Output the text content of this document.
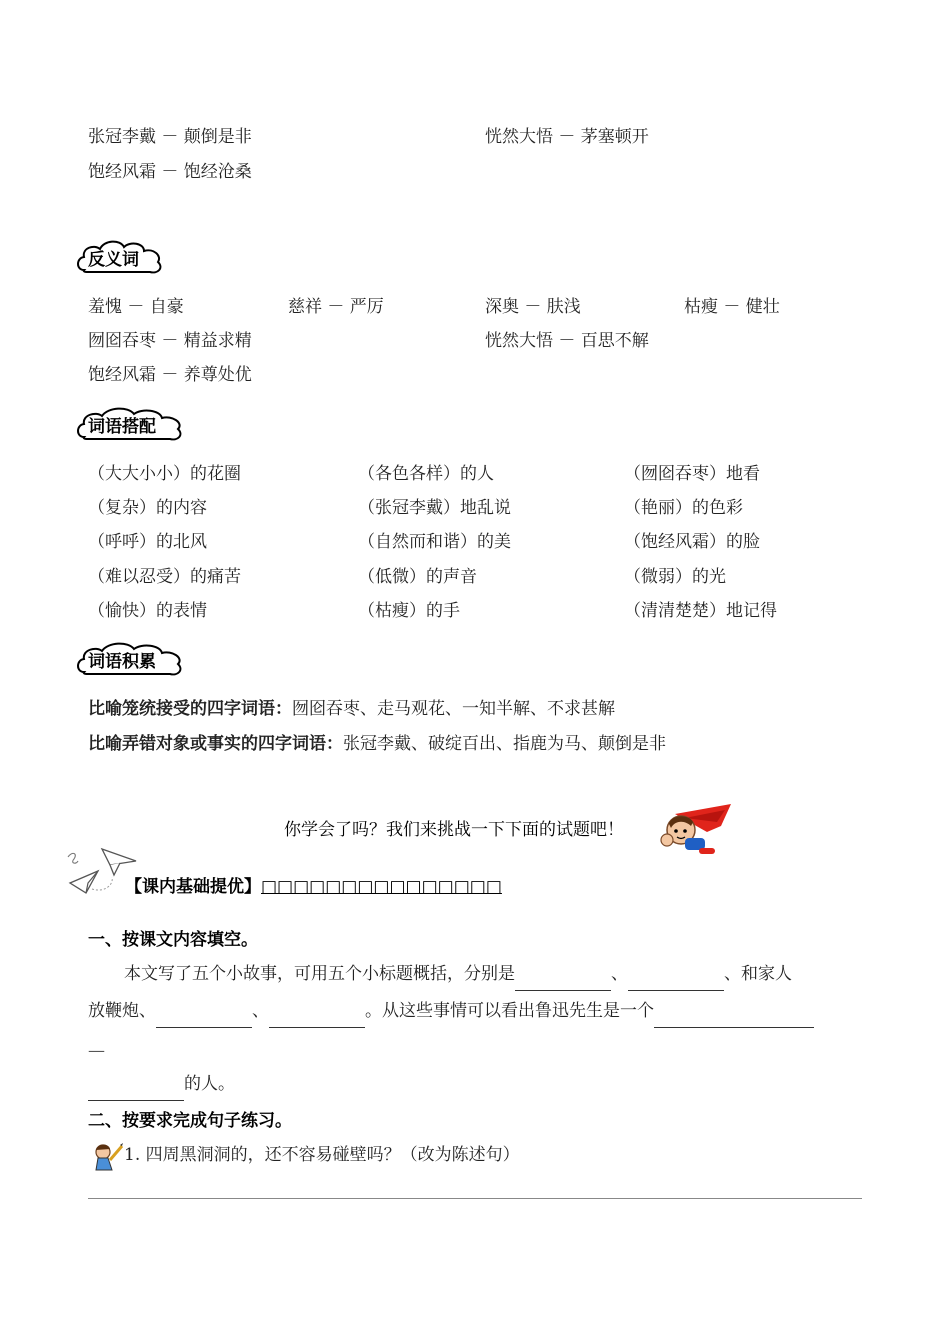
张冠李戴 － 颠倒是非	恍然大悟 － 茅塞顿开
饱经风霜 － 饱经沧桑
反义词
羞愧 － 自豪	慈祥 － 严厉	深奥 － 肤浅	枯瘦 － 健壮
囫囵吞枣 － 精益求精	恍然大悟 － 百思不解
饱经风霜 － 养尊处优
词语搭配
（大大小小）的花圈	（各色各样）的人	（囫囵吞枣）地看
（复杂）的内容	（张冠李戴）地乱说	（艳丽）的色彩
（呼呼）的北风	（自然而和谐）的美	（饱经风霜）的脸
（难以忍受）的痛苦	（低微）的声音	（微弱）的光
（愉快）的表情	（枯瘦）的手	（清清楚楚）地记得
词语积累
比喻笼统接受的四字词语：囫囵吞枣、走马观花、一知半解、不求甚解
比喻弄错对象或事实的四字词语：张冠李戴、破绽百出、指鹿为马、颠倒是非
你学会了吗？我们来挑战一下下面的试题吧！
【课内基础提优】□□□□□□□□□□□□□□□
一、按课文内容填空。
本文写了五个小故事，可用五个小标题概括，分别是	、	、和家人
放鞭炮、	、	。从这些事情可以看出鲁迅先生是一个
—
的人。
二、按要求完成句子练习。
1. 四周黑洞洞的，还不容易碰壁吗？（改为陈述句）
